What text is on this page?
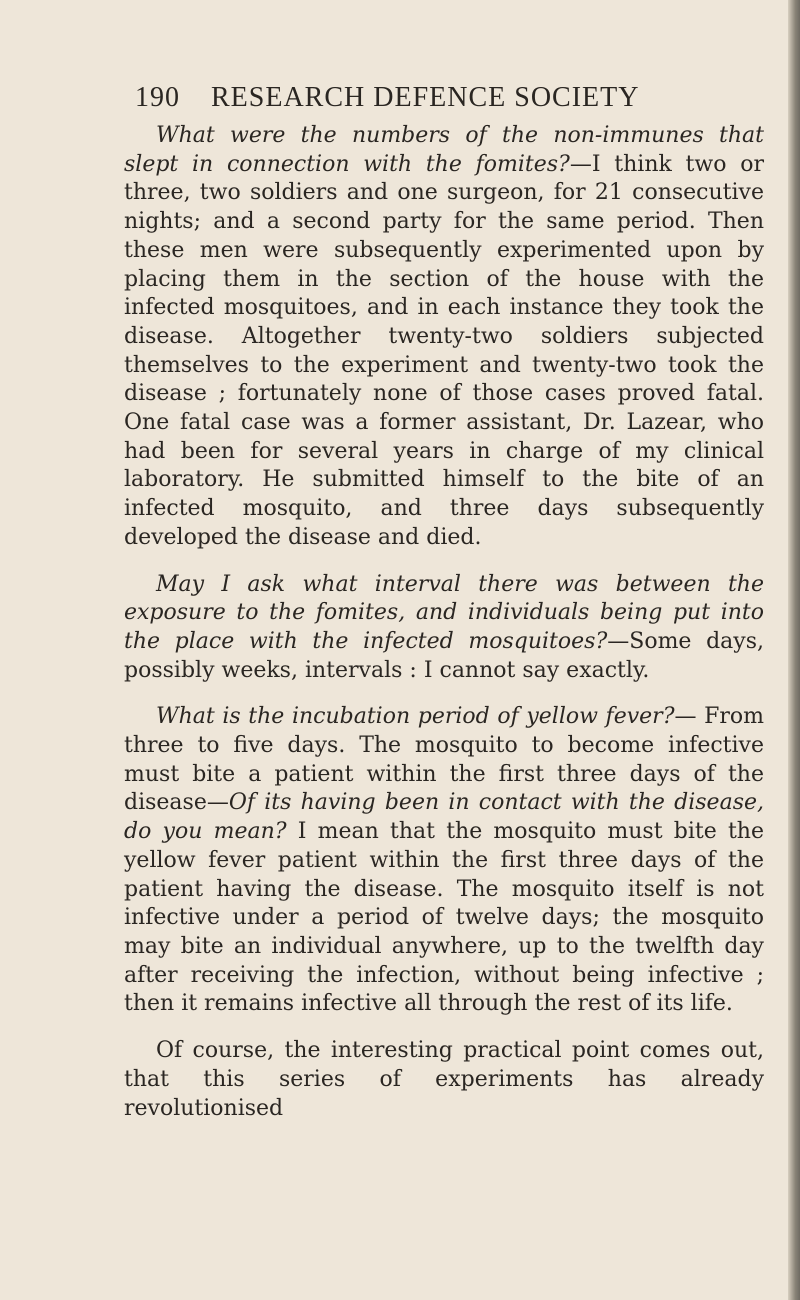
190 RESEARCH DEFENCE SOCIETY

What were the numbers of the non-immunes that slept in connection with the fomites?—I think two or three, two soldiers and one surgeon, for 21 consecutive nights; and a second party for the same period. Then these men were subsequently experimented upon by placing them in the section of the house with the infected mosquitoes, and in each instance they took the disease. Altogether twenty-two soldiers subjected themselves to the experiment and twenty-two took the disease ; fortunately none of those cases proved fatal. One fatal case was a former assistant, Dr. Lazear, who had been for several years in charge of my clinical laboratory. He submitted himself to the bite of an infected mosquito, and three days subsequently developed the disease and died.

May I ask what interval there was between the exposure to the fomites, and individuals being put into the place with the infected mosquitoes?—Some days, possibly weeks, intervals : I cannot say exactly.

What is the incubation period of yellow fever?— From three to five days. The mosquito to become infective must bite a patient within the first three days of the disease—Of its having been in contact with the disease, do you mean? I mean that the mosquito must bite the yellow fever patient within the first three days of the patient having the disease. The mosquito itself is not infective under a period of twelve days; the mosquito may bite an individual anywhere, up to the twelfth day after receiving the infection, without being infective ; then it remains infective all through the rest of its life.

Of course, the interesting practical point comes out, that this series of experiments has already revolutionised
